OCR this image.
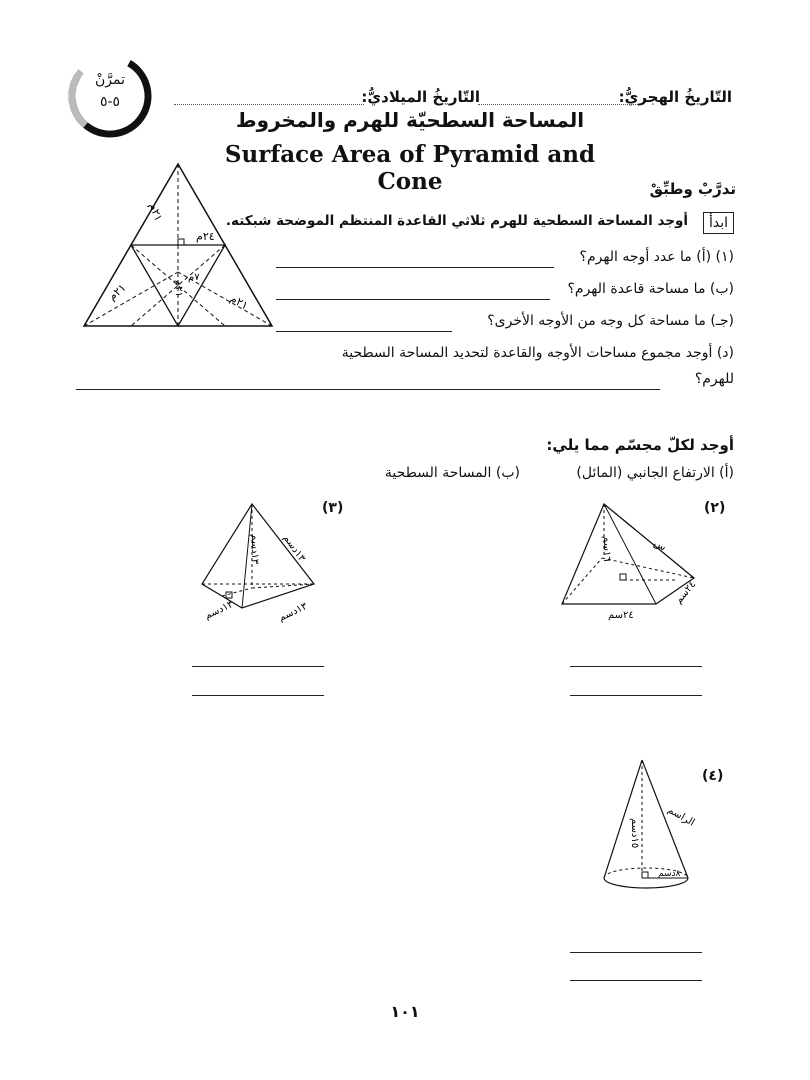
تمرَّنْ
٥-٥	التّاريخُ الهجريُّ:
التّاريخُ الميلاديُّ:
المساحة السطحيّة للهرم والمخروط
Surface Area of Pyramid and Cone	تدرَّبْ وطبِّقْ
ابدأ
أوجد المساحة السطحية للهرم ثلاثي القاعدة المنتظم الموضحة شبكته.
(١) (أ) ما عدد أوجه الهرم؟
(ب) ما مساحة قاعدة الهرم؟
(جـ) ما مساحة كل وجه من الأوجه الأخرى؟
(د) أوجد مجموع مساحات الأوجه والقاعدة لتحديد المساحة السطحية
للهرم؟
٢١م
٢٤م
٢١م
٢١م
٢١م
٧م
أوجد لكلّ مجسّم مما يلي:
(أ) الارتفاع الجانبي (المائل)
(ب) المساحة السطحية
(٢)
١٦سم
س
٢٤سم
٢٤سم
(٣)
١٣دسم
١٣دسم
١٣دسم	١٣دسم
(٤)
١٥دسم
٨دسم
الراسم
١٠١
